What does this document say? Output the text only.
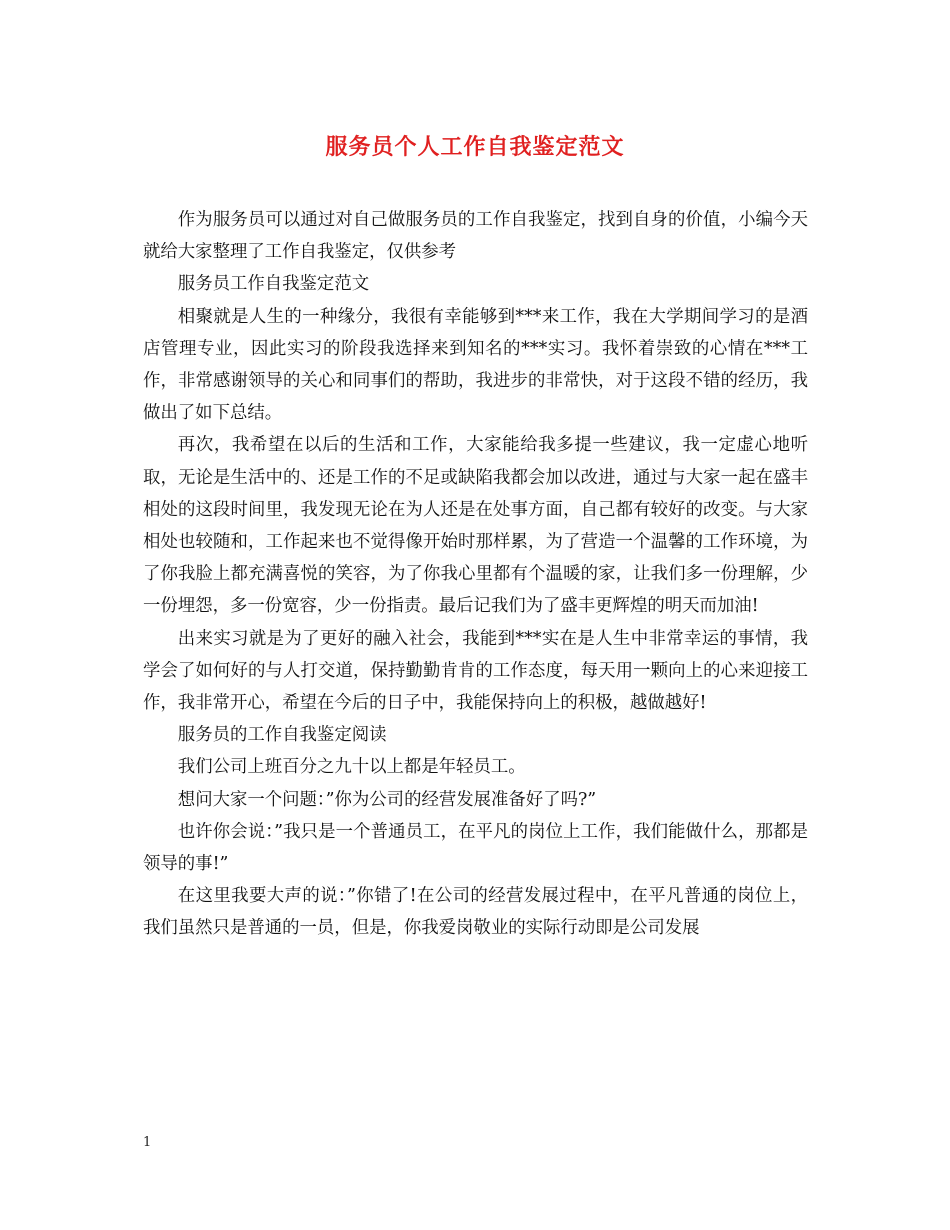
服务员个人工作自我鉴定范文

作为服务员可以通过对自己做服务员的工作自我鉴定，找到自身的价值，小编今天就给大家整理了工作自我鉴定，仅供参考

服务员工作自我鉴定范文

相聚就是人生的一种缘分，我很有幸能够到***来工作，我在大学期间学习的是酒店管理专业，因此实习的阶段我选择来到知名的***实习。我怀着崇致的心情在***工作，非常感谢领导的关心和同事们的帮助，我进步的非常快，对于这段不错的经历，我做出了如下总结。

再次，我希望在以后的生活和工作，大家能给我多提一些建议，我一定虚心地听取，无论是生活中的、还是工作的不足或缺陷我都会加以改进，通过与大家一起在盛丰相处的这段时间里，我发现无论在为人还是在处事方面，自己都有较好的改变。与大家相处也较随和，工作起来也不觉得像开始时那样累，为了营造一个温馨的工作环境，为了你我脸上都充满喜悦的笑容，为了你我心里都有个温暖的家，让我们多一份理解，少一份埋怨，多一份宽容，少一份指责。最后记我们为了盛丰更辉煌的明天而加油!

出来实习就是为了更好的融入社会，我能到***实在是人生中非常幸运的事情，我学会了如何好的与人打交道，保持勤勤肯肯的工作态度，每天用一颗向上的心来迎接工作，我非常开心，希望在今后的日子中，我能保持向上的积极，越做越好!

服务员的工作自我鉴定阅读

我们公司上班百分之九十以上都是年轻员工。

想问大家一个问题：”你为公司的经营发展准备好了吗?”

也许你会说：”我只是一个普通员工，在平凡的岗位上工作，我们能做什么，那都是领导的事!”

在这里我要大声的说：”你错了!在公司的经营发展过程中，在平凡普通的岗位上，我们虽然只是普通的一员，但是，你我爱岗敬业的实际行动即是公司发展

1
